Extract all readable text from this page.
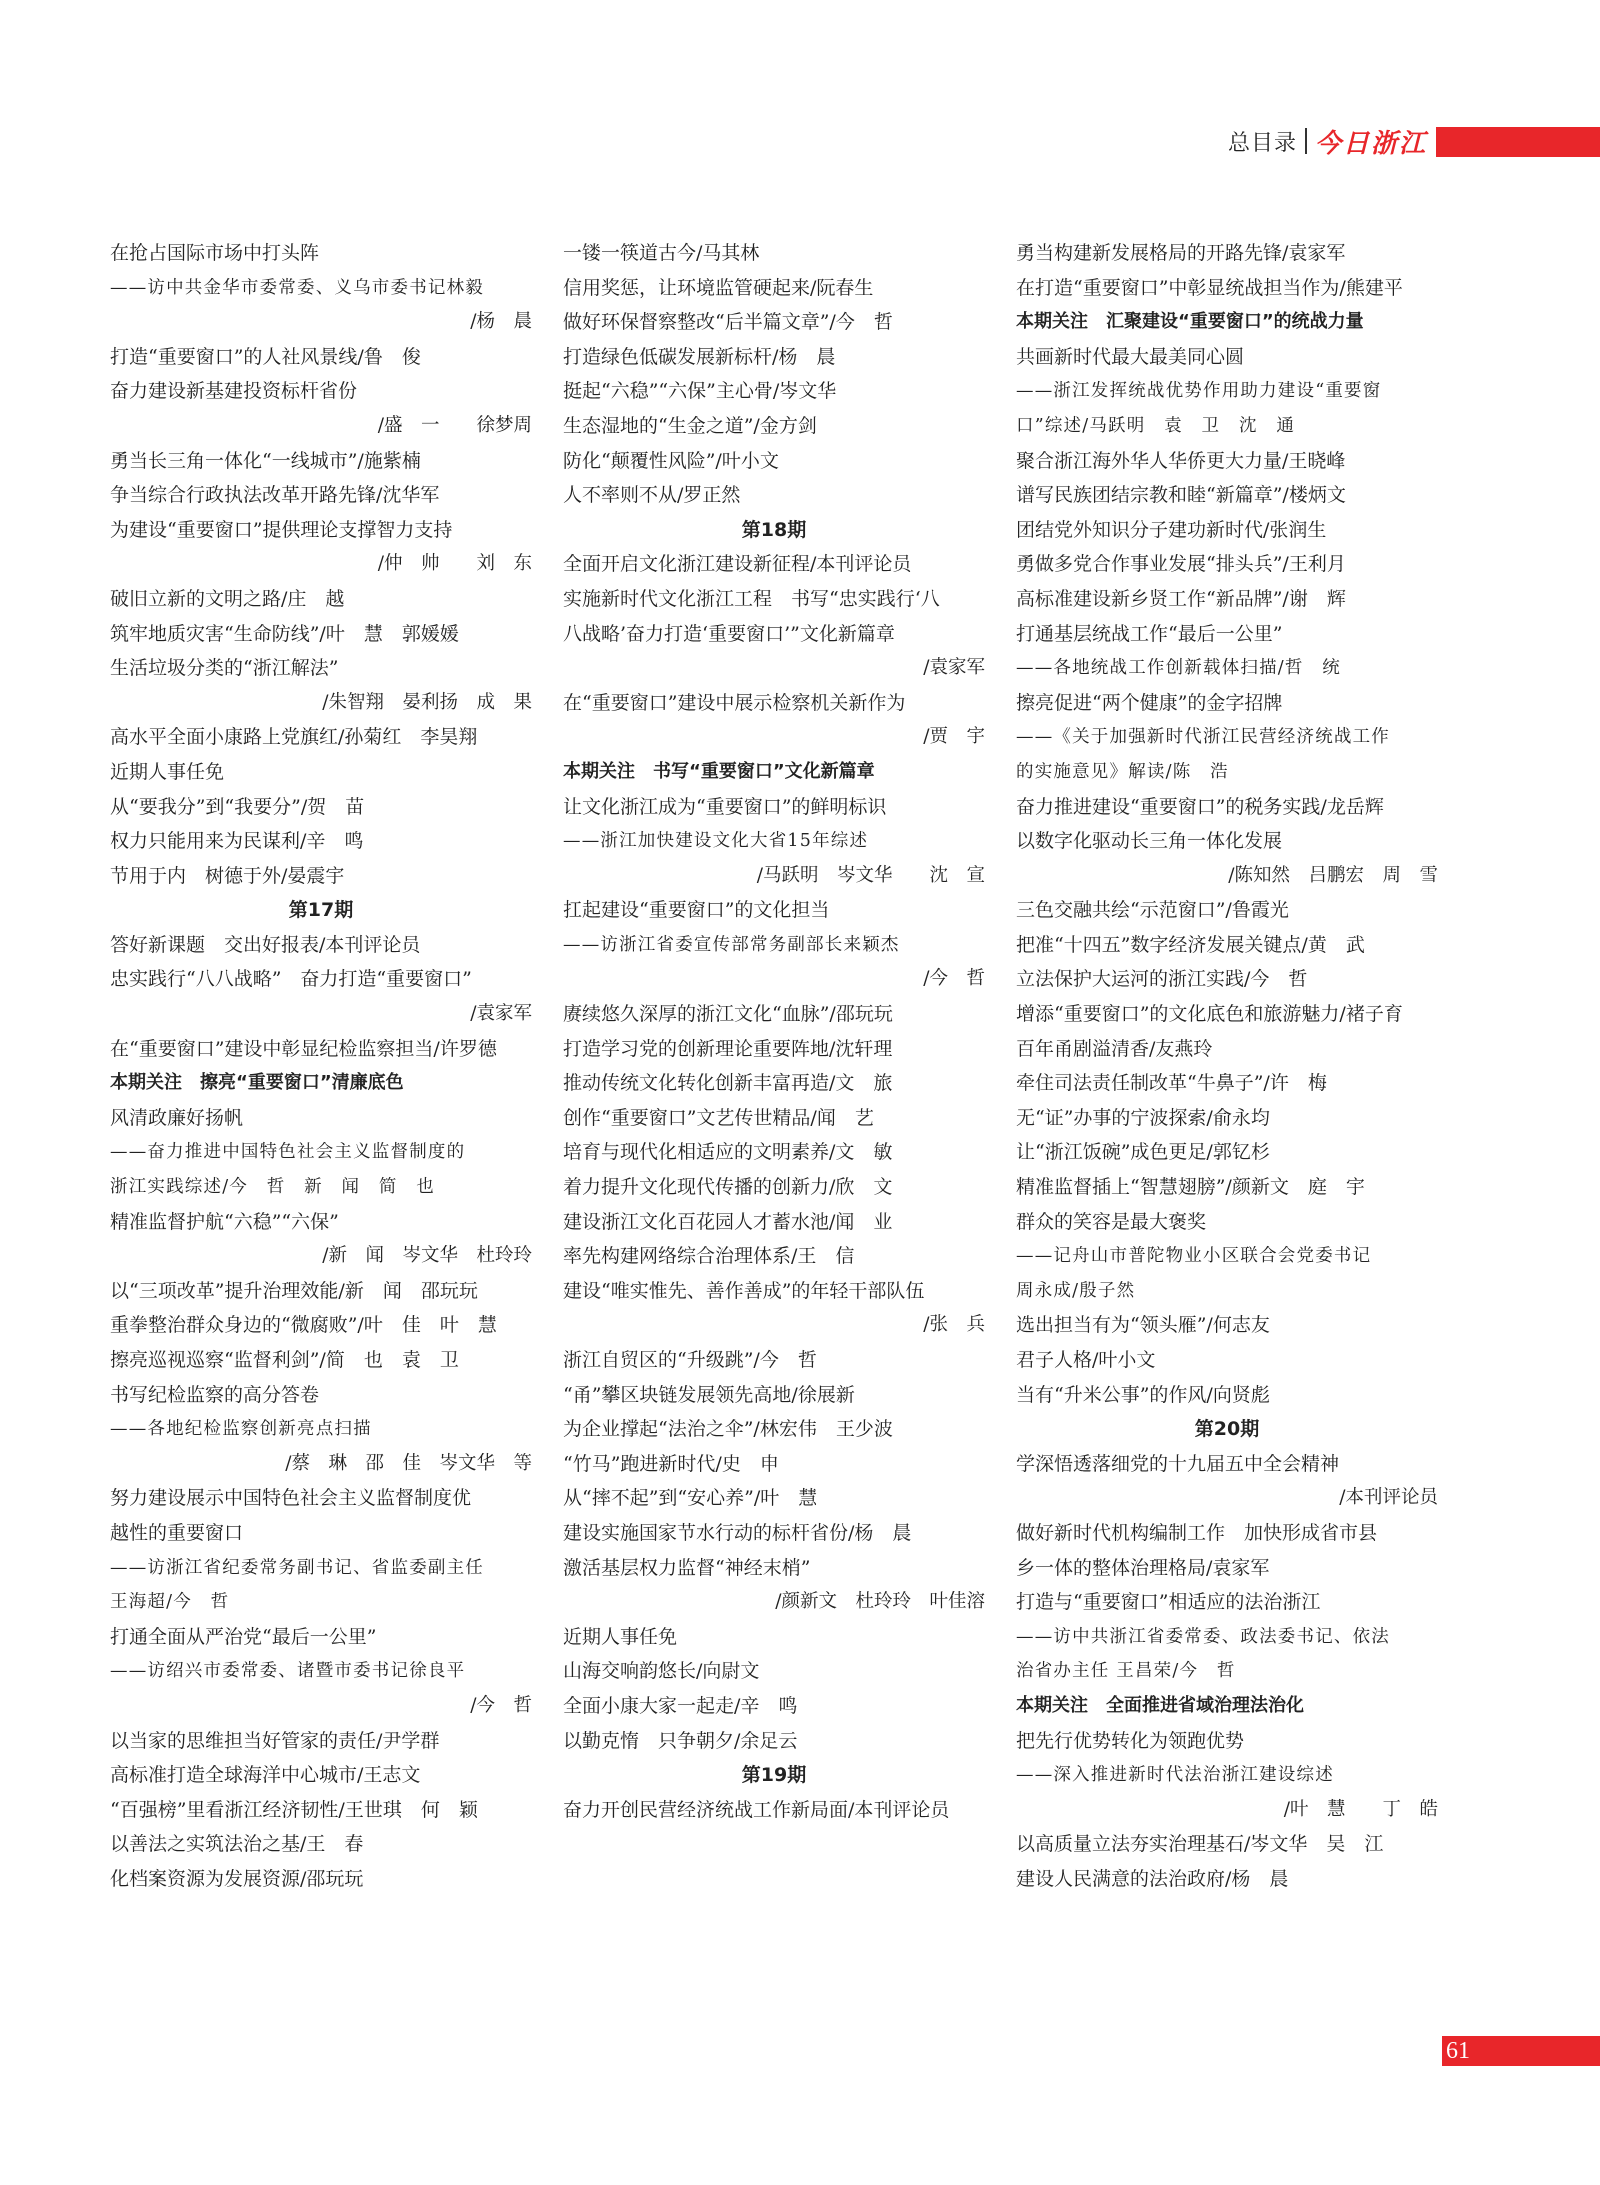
总目录 今日浙江
在抢占国际市场中打头阵
——访中共金华市委常委、义乌市委书记林毅
/杨　晨
打造“重要窗口”的人社风景线/鲁　俊
奋力建设新基建投资标杆省份
/盛　一　　徐梦周
勇当长三角一体化“一线城市”/施紫楠
争当综合行政执法改革开路先锋/沈华军
为建设“重要窗口”提供理论支撑智力支持
/仲　帅　　刘　东　
破旧立新的文明之路/庄　越
筑牢地质灾害“生命防线”/叶　慧　郭媛媛
生活垃圾分类的“浙江解法”
/朱智翔　晏利扬　成　果
高水平全面小康路上党旗红/孙菊红　李昊翔
近期人事任免
从“要我分”到“我要分”/贺　苗
权力只能用来为民谋利/辛　鸣
节用于内　树德于外/晏震宇
第17期
答好新课题　交出好报表/本刊评论员
忠实践行“八八战略”　奋力打造“重要窗口”
/袁家军
在“重要窗口”建设中彰显纪检监察担当/许罗德
本期关注　擦亮“重要窗口”清廉底色
风清政廉好扬帆
——奋力推进中国特色社会主义监督制度的
浙江实践综述/今　哲　新　闻　简　也
精准监督护航“六稳”“六保”
/新　闻　岑文华　杜玲玲
以“三项改革”提升治理效能/新　闻　邵玩玩
重拳整治群众身边的“微腐败”/叶　佳　叶　慧
擦亮巡视巡察“监督利剑”/简　也　袁　卫
书写纪检监察的高分答卷
——各地纪检监察创新亮点扫描
/蔡　琳　邵　佳　岑文华　等
努力建设展示中国特色社会主义监督制度优
越性的重要窗口
——访浙江省纪委常务副书记、省监委副主任
王海超/今　哲
打通全面从严治党“最后一公里”
——访绍兴市委常委、诸暨市委书记徐良平
/今　哲
以当家的思维担当好管家的责任/尹学群
高标准打造全球海洋中心城市/王志文
“百强榜”里看浙江经济韧性/王世琪　何　颖
以善法之实筑法治之基/王　春
化档案资源为发展资源/邵玩玩
一镂一筷道古今/马其林
信用奖惩，让环境监管硬起来/阮春生
做好环保督察整改“后半篇文章”/今　哲
打造绿色低碳发展新标杆/杨　晨
挺起“六稳”“六保”主心骨/岑文华
生态湿地的“生金之道”/金方剑
防化“颠覆性风险”/叶小文
人不率则不从/罗正然
第18期
全面开启文化浙江建设新征程/本刊评论员
实施新时代文化浙江工程　书写“忠实践行‘八
八战略’奋力打造‘重要窗口’”文化新篇章
/袁家军
在“重要窗口”建设中展示检察机关新作为
/贾　宇
本期关注　书写“重要窗口”文化新篇章
让文化浙江成为“重要窗口”的鲜明标识
——浙江加快建设文化大省15年综述
/马跃明　岑文华　　沈　宣
扛起建设“重要窗口”的文化担当
——访浙江省委宣传部常务副部长来颖杰
/今　哲
赓续悠久深厚的浙江文化“血脉”/邵玩玩
打造学习党的创新理论重要阵地/沈轩理
推动传统文化转化创新丰富再造/文　旅
创作“重要窗口”文艺传世精品/闻　艺
培育与现代化相适应的文明素养/文　敏
着力提升文化现代传播的创新力/欣　文
建设浙江文化百花园人才蓄水池/闻　业
率先构建网络综合治理体系/王　信
建设“唯实惟先、善作善成”的年轻干部队伍
/张　兵
浙江自贸区的“升级跳”/今　哲
“甬”攀区块链发展领先高地/徐展新
为企业撑起“法治之伞”/林宏伟　王少波
“竹马”跑进新时代/史　申
从“摔不起”到“安心养”/叶　慧
建设实施国家节水行动的标杆省份/杨　晨
激活基层权力监督“神经末梢”
/颜新文　杜玲玲　叶佳溶
近期人事任免
山海交响韵悠长/向尉文
全面小康大家一起走/辛　鸣
以勤克惰　只争朝夕/余足云
第19期
奋力开创民营经济统战工作新局面/本刊评论员
勇当构建新发展格局的开路先锋/袁家军
在打造“重要窗口”中彰显统战担当作为/熊建平
本期关注　汇聚建设“重要窗口”的统战力量
共画新时代最大最美同心圆
——浙江发挥统战优势作用助力建设“重要窗
口”综述/马跃明　袁　卫　沈　通
聚合浙江海外华人华侨更大力量/王晓峰
谱写民族团结宗教和睦“新篇章”/楼炳文
团结党外知识分子建功新时代/张润生
勇做多党合作事业发展“排头兵”/王利月
高标准建设新乡贤工作“新品牌”/谢　辉
打通基层统战工作“最后一公里”
——各地统战工作创新载体扫描/哲　统
擦亮促进“两个健康”的金字招牌
——《关于加强新时代浙江民营经济统战工作
的实施意见》解读/陈　浩
奋力推进建设“重要窗口”的税务实践/龙岳辉
以数字化驱动长三角一体化发展
/陈知然　吕鹏宏　周　雪
三色交融共绘“示范窗口”/鲁霞光
把准“十四五”数字经济发展关键点/黄　武
立法保护大运河的浙江实践/今　哲
增添“重要窗口”的文化底色和旅游魅力/褚子育
百年甬剧溢清香/友燕玲
牵住司法责任制改革“牛鼻子”/许　梅
无“证”办事的宁波探索/俞永均
让“浙江饭碗”成色更足/郭钇杉
精准监督插上“智慧翅膀”/颜新文　庭　宇
群众的笑容是最大褒奖
——记舟山市普陀物业小区联合会党委书记
周永成/殷子然
选出担当有为“领头雁”/何志友
君子人格/叶小文
当有“升米公事”的作风/向贤彪
第20期
学深悟透落细党的十九届五中全会精神
/本刊评论员
做好新时代机构编制工作　加快形成省市县
乡一体的整体治理格局/袁家军
打造与“重要窗口”相适应的法治浙江
——访中共浙江省委常委、政法委书记、依法
治省办主任 王昌荣/今　哲
本期关注　全面推进省域治理法治化
把先行优势转化为领跑优势
——深入推进新时代法治浙江建设综述
/叶　慧　　丁　皓
以高质量立法夯实治理基石/岑文华　吴　江
建设人民满意的法治政府/杨　晨
61
